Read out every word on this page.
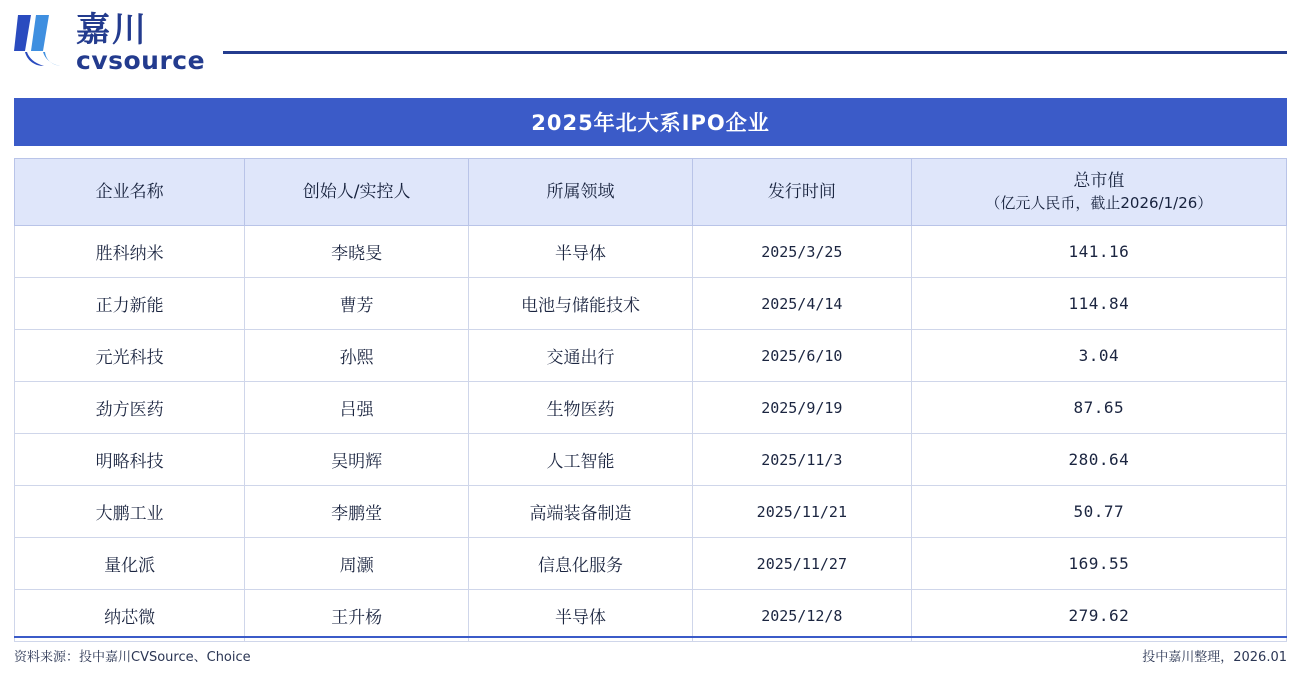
嘉川
cvsource
2025年北大系IPO企业
企业名称	创始人/实控人	所属领域	发行时间	总市值
（亿元人民币，截止2026/1/26）

胜科纳米	李晓旻	半导体	2025/3/25	141.16
正力新能	曹芳	电池与储能技术	2025/4/14	114.84
元光科技	孙熙	交通出行	2025/6/10	3.04
劲方医药	吕强	生物医药	2025/9/19	87.65
明略科技	吴明辉	人工智能	2025/11/3	280.64
大鹏工业	李鹏堂	高端装备制造	2025/11/21	50.77
量化派	周灏	信息化服务	2025/11/27	169.55
纳芯微	王升杨	半导体	2025/12/8	279.62
资料来源：投中嘉川CVSource、Choice	投中嘉川整理，2026.01
